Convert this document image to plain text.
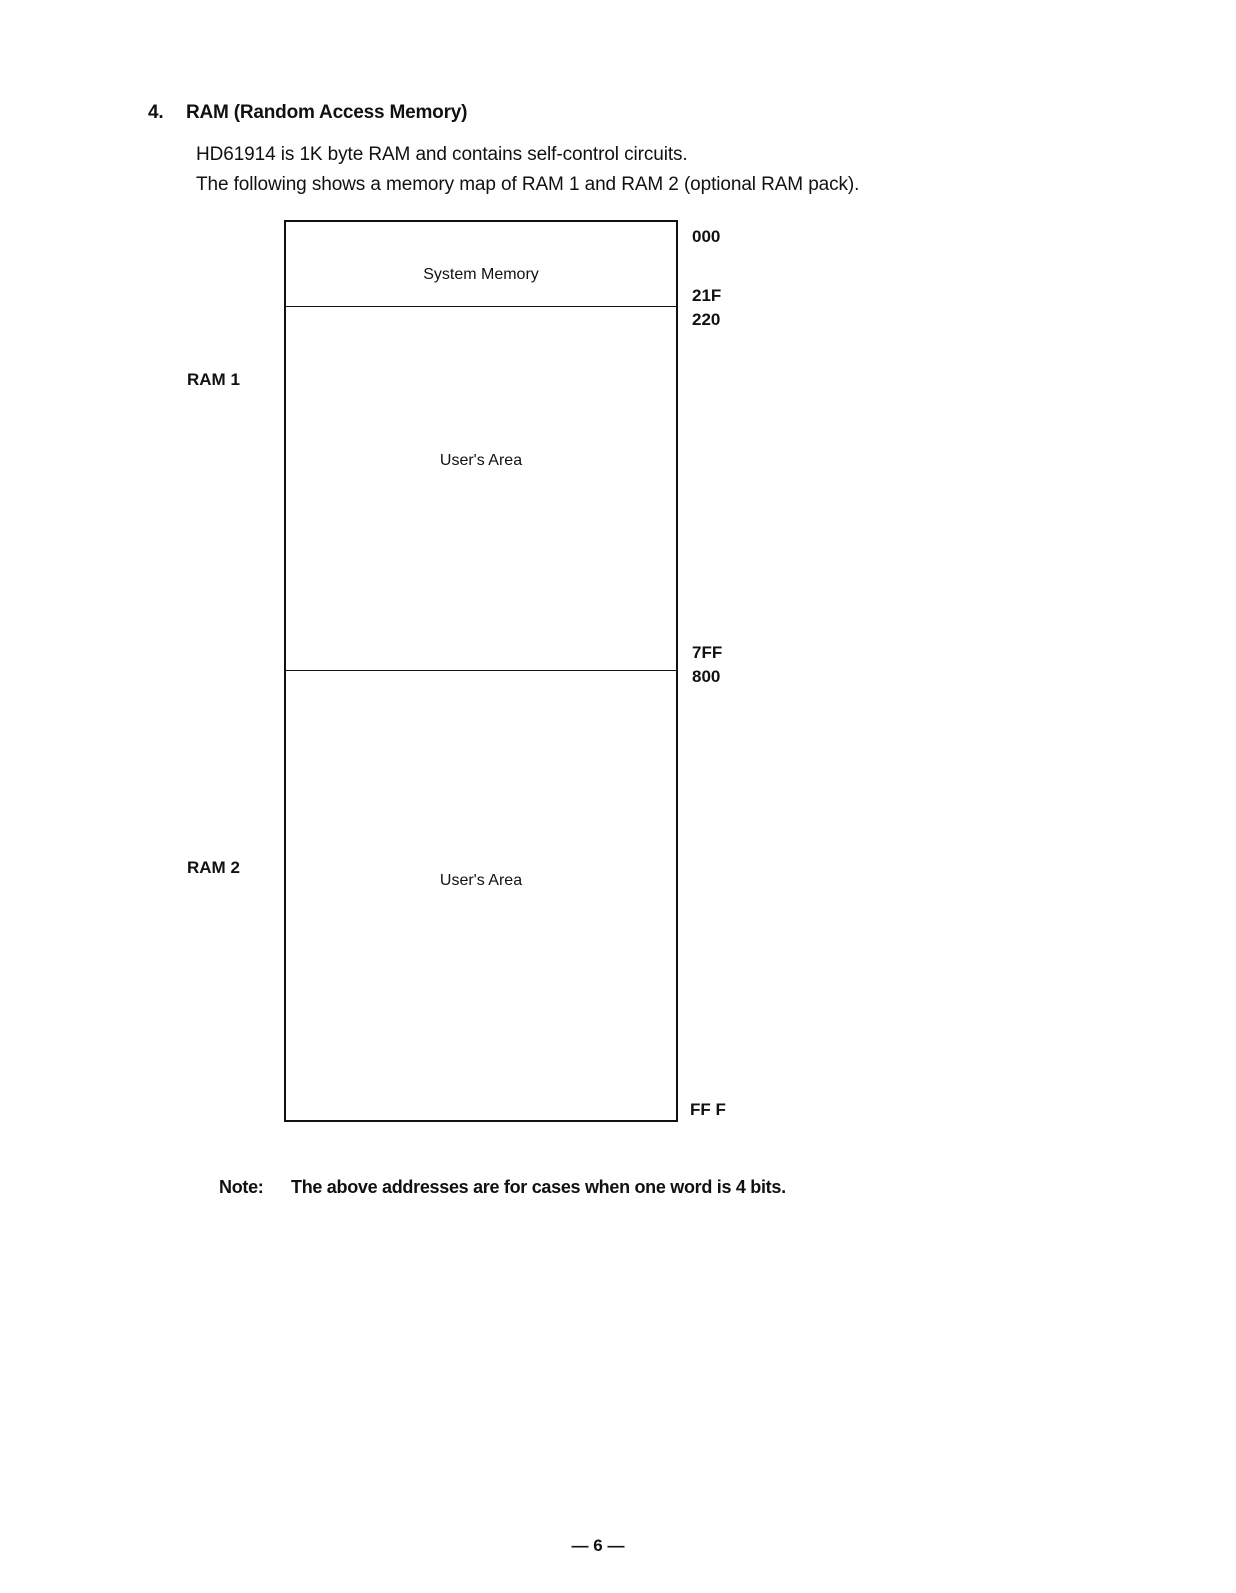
4. RAM (Random Access Memory)
HD61914 is 1K byte RAM and contains self-control circuits.
The following shows a memory map of RAM 1 and RAM 2 (optional RAM pack).
System Memory
User's Area
User's Area
000
21F
220
7FF
800
FF F
RAM 1
RAM 2
Note: The above addresses are for cases when one word is 4 bits.
— 6 —
